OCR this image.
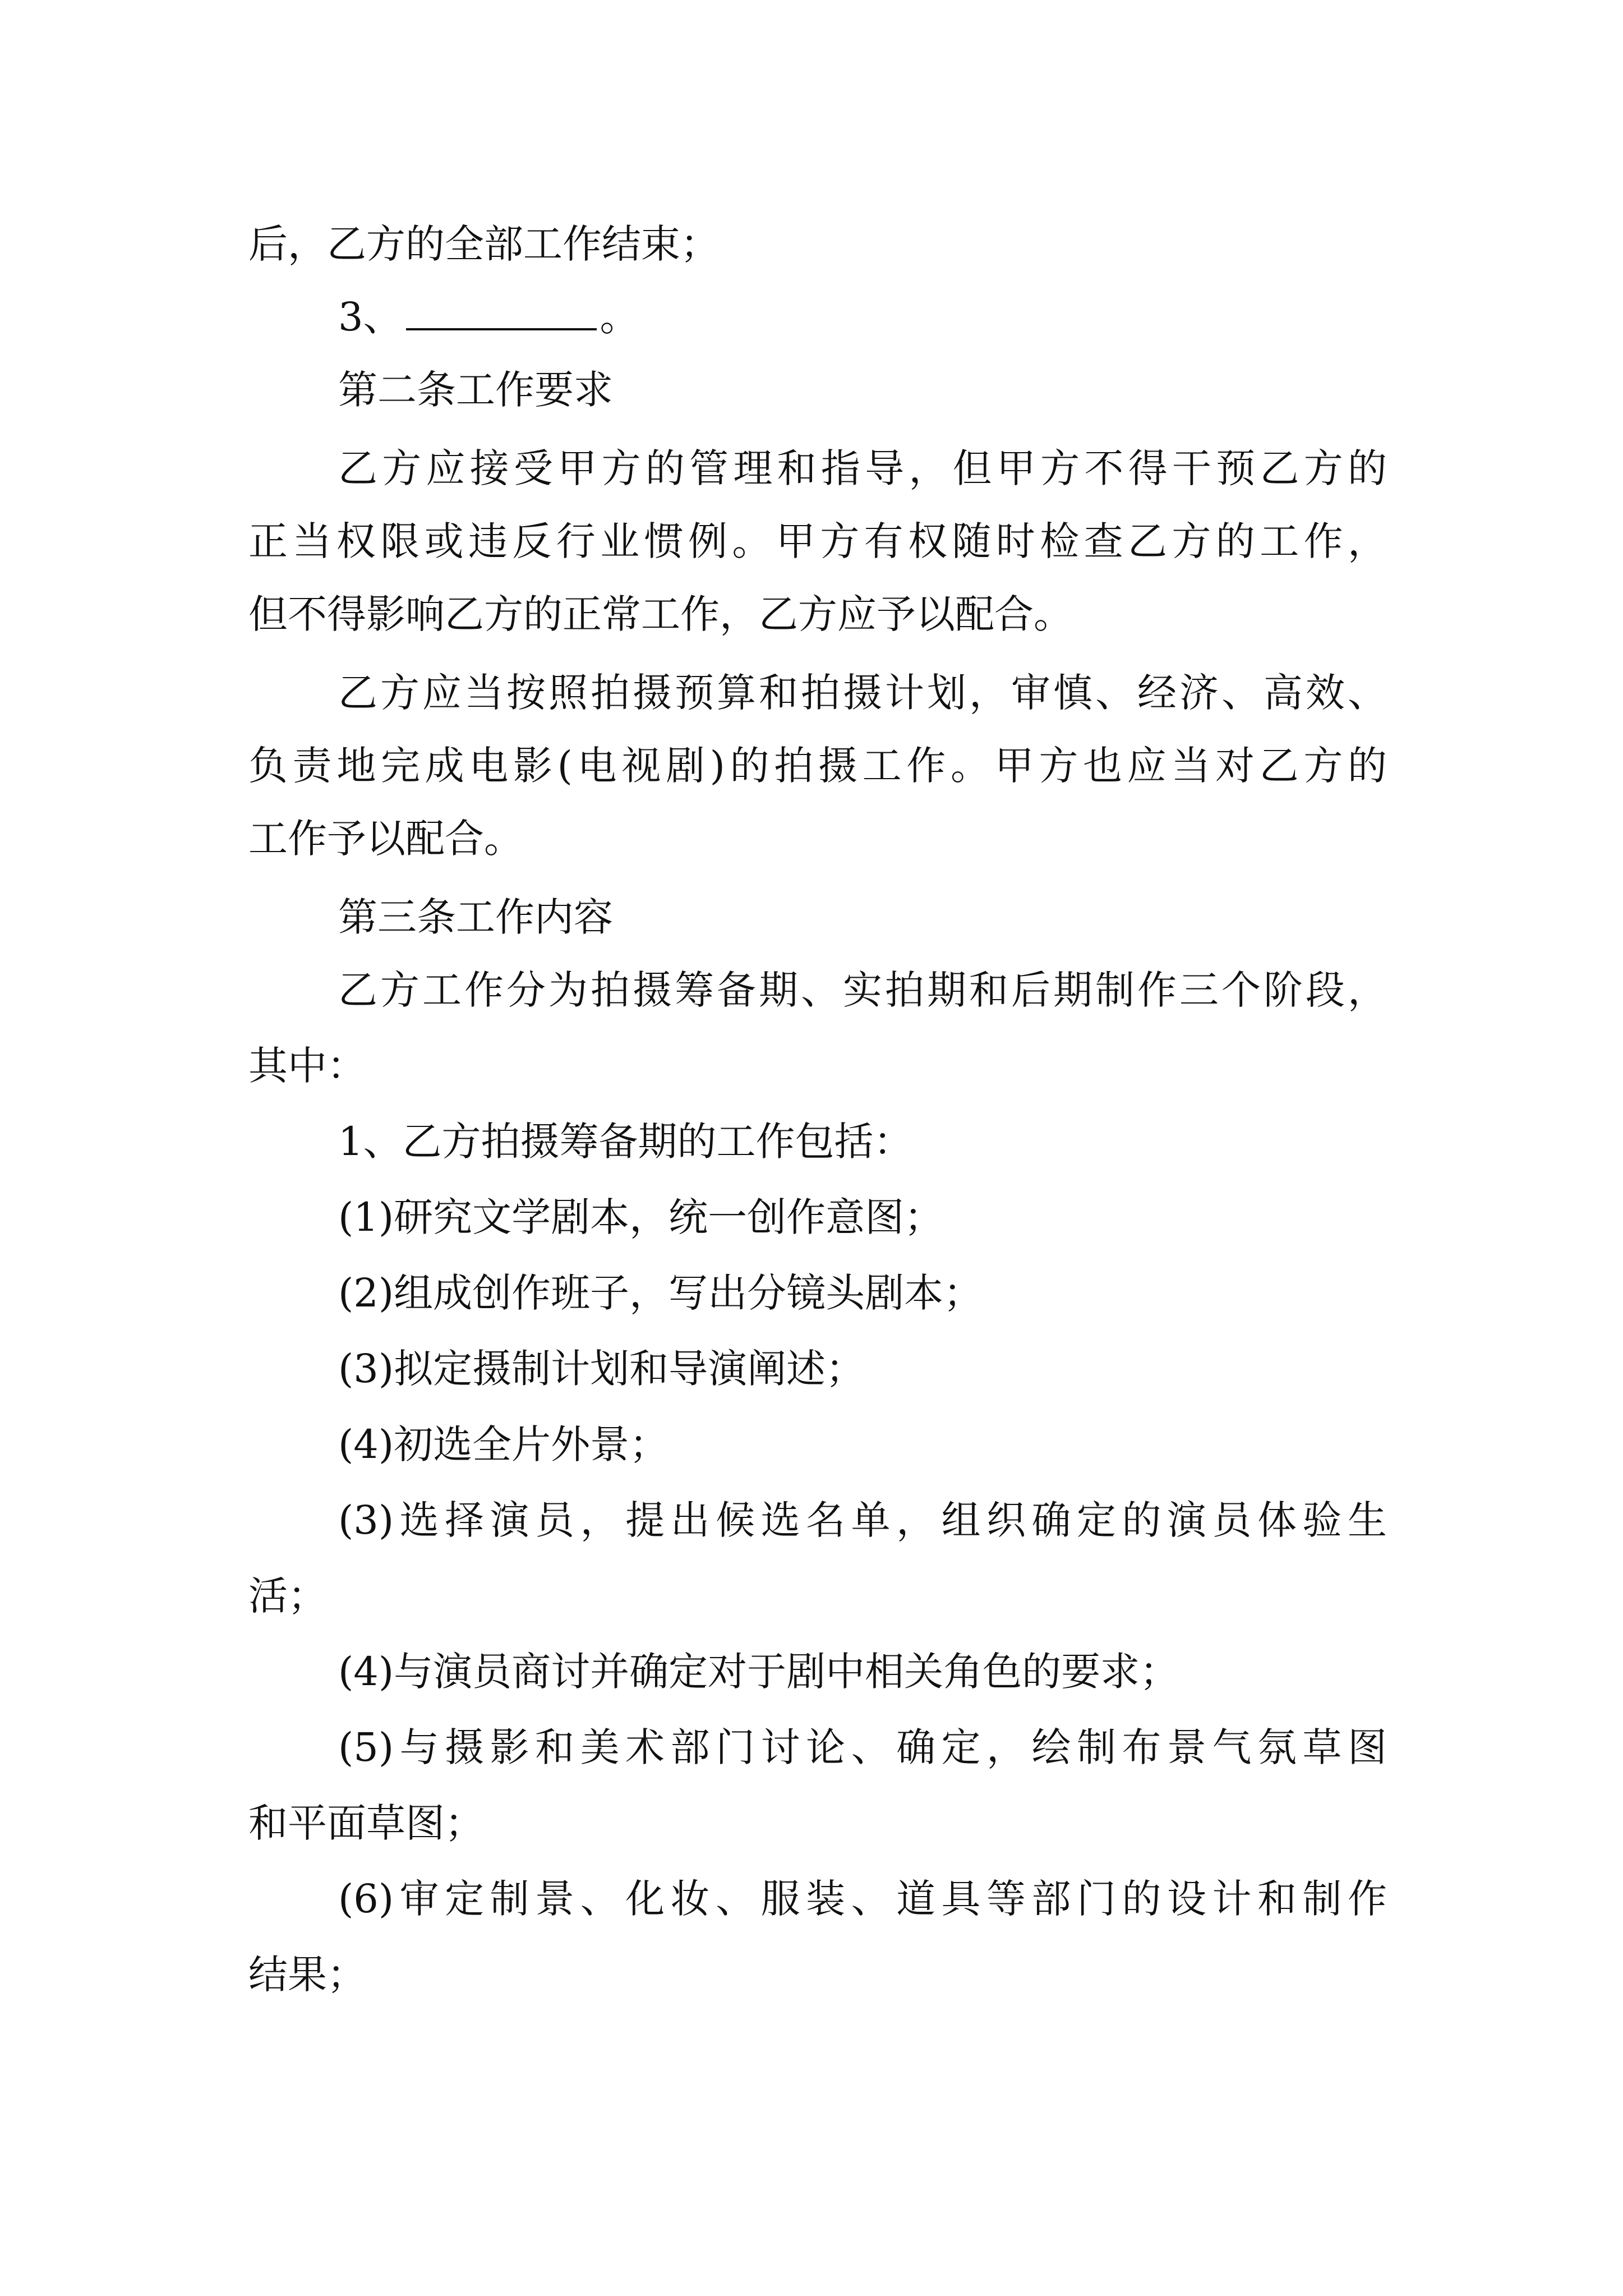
后，乙方的全部工作结束；
3、	。
第二条工作要求
乙方应接受甲方的管理和指导，但甲方不得干预乙方的
正当权限或违反行业惯例。甲方有权随时检查乙方的工作，
但不得影响乙方的正常工作，乙方应予以配合。
乙方应当按照拍摄预算和拍摄计划，审慎、经济、高效、
负责地完成电影(电视剧)的拍摄工作。甲方也应当对乙方的
工作予以配合。
第三条工作内容
乙方工作分为拍摄筹备期、实拍期和后期制作三个阶段，
其中：
1、乙方拍摄筹备期的工作包括：
(1)研究文学剧本，统一创作意图；
(2)组成创作班子，写出分镜头剧本；
(3)拟定摄制计划和导演阐述；
(4)初选全片外景；
(3)选择演员，提出候选名单，组织确定的演员体验生
活；
(4)与演员商讨并确定对于剧中相关角色的要求；
(5)与摄影和美术部门讨论、确定，绘制布景气氛草图
和平面草图；
(6)审定制景、化妆、服装、道具等部门的设计和制作
结果；
